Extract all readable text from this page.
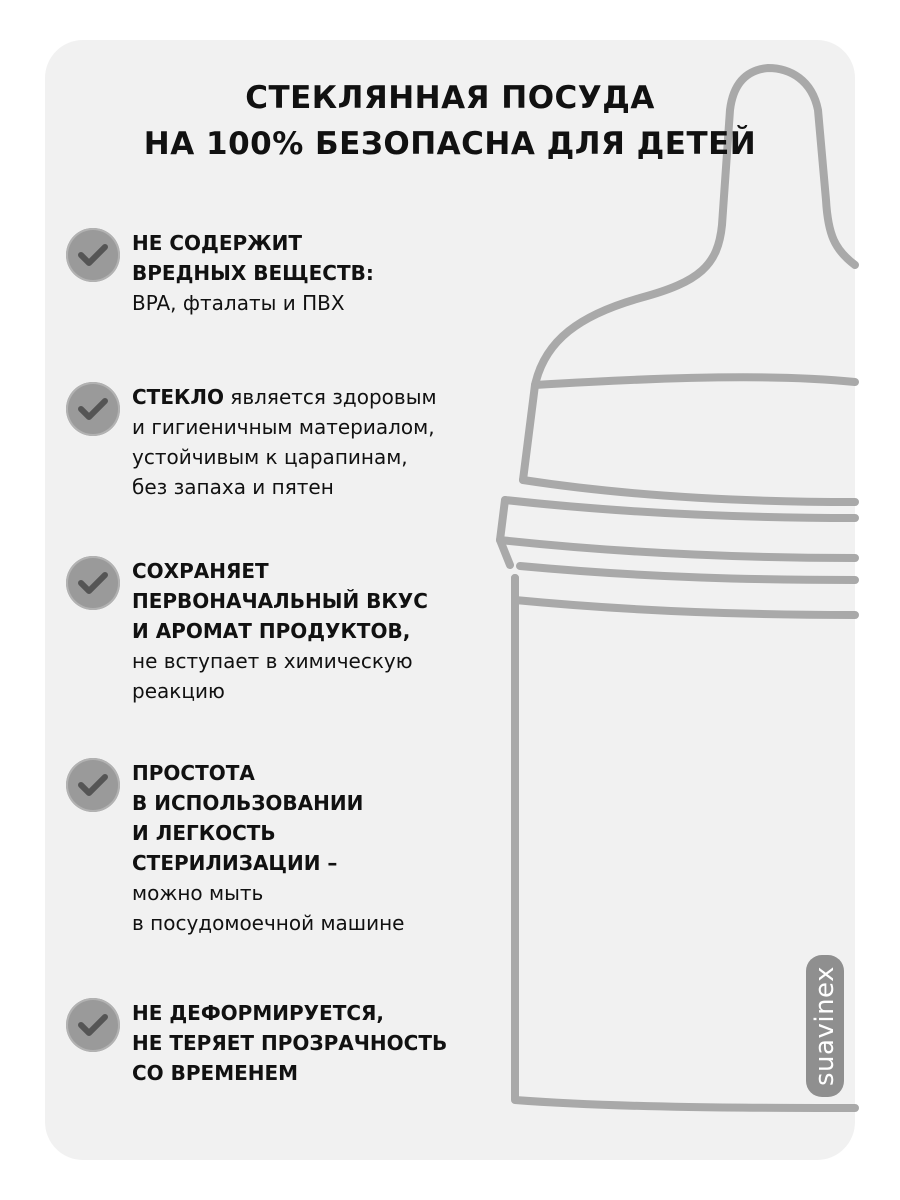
СТЕКЛЯННАЯ ПОСУДА
НА 100% БЕЗОПАСНА ДЛЯ ДЕТЕЙ
НЕ СОДЕРЖИТ
ВРЕДНЫХ ВЕЩЕСТВ:
BPA, фталаты и ПВХ
СТЕКЛО является здоровым
и гигиеничным материалом,
устойчивым к царапинам,
без запаха и пятен
СОХРАНЯЕТ
ПЕРВОНАЧАЛЬНЫЙ ВКУС
И АРОМАТ ПРОДУКТОВ,
не вступает в химическую
реакцию
ПРОСТОТА
В ИСПОЛЬЗОВАНИИ
И ЛЕГКОСТЬ
СТЕРИЛИЗАЦИИ –
можно мыть
в посудомоечной машине
НЕ ДЕФОРМИРУЕТСЯ,
НЕ ТЕРЯЕТ ПРОЗРАЧНОСТЬ
СО ВРЕМЕНЕМ	suavinex
